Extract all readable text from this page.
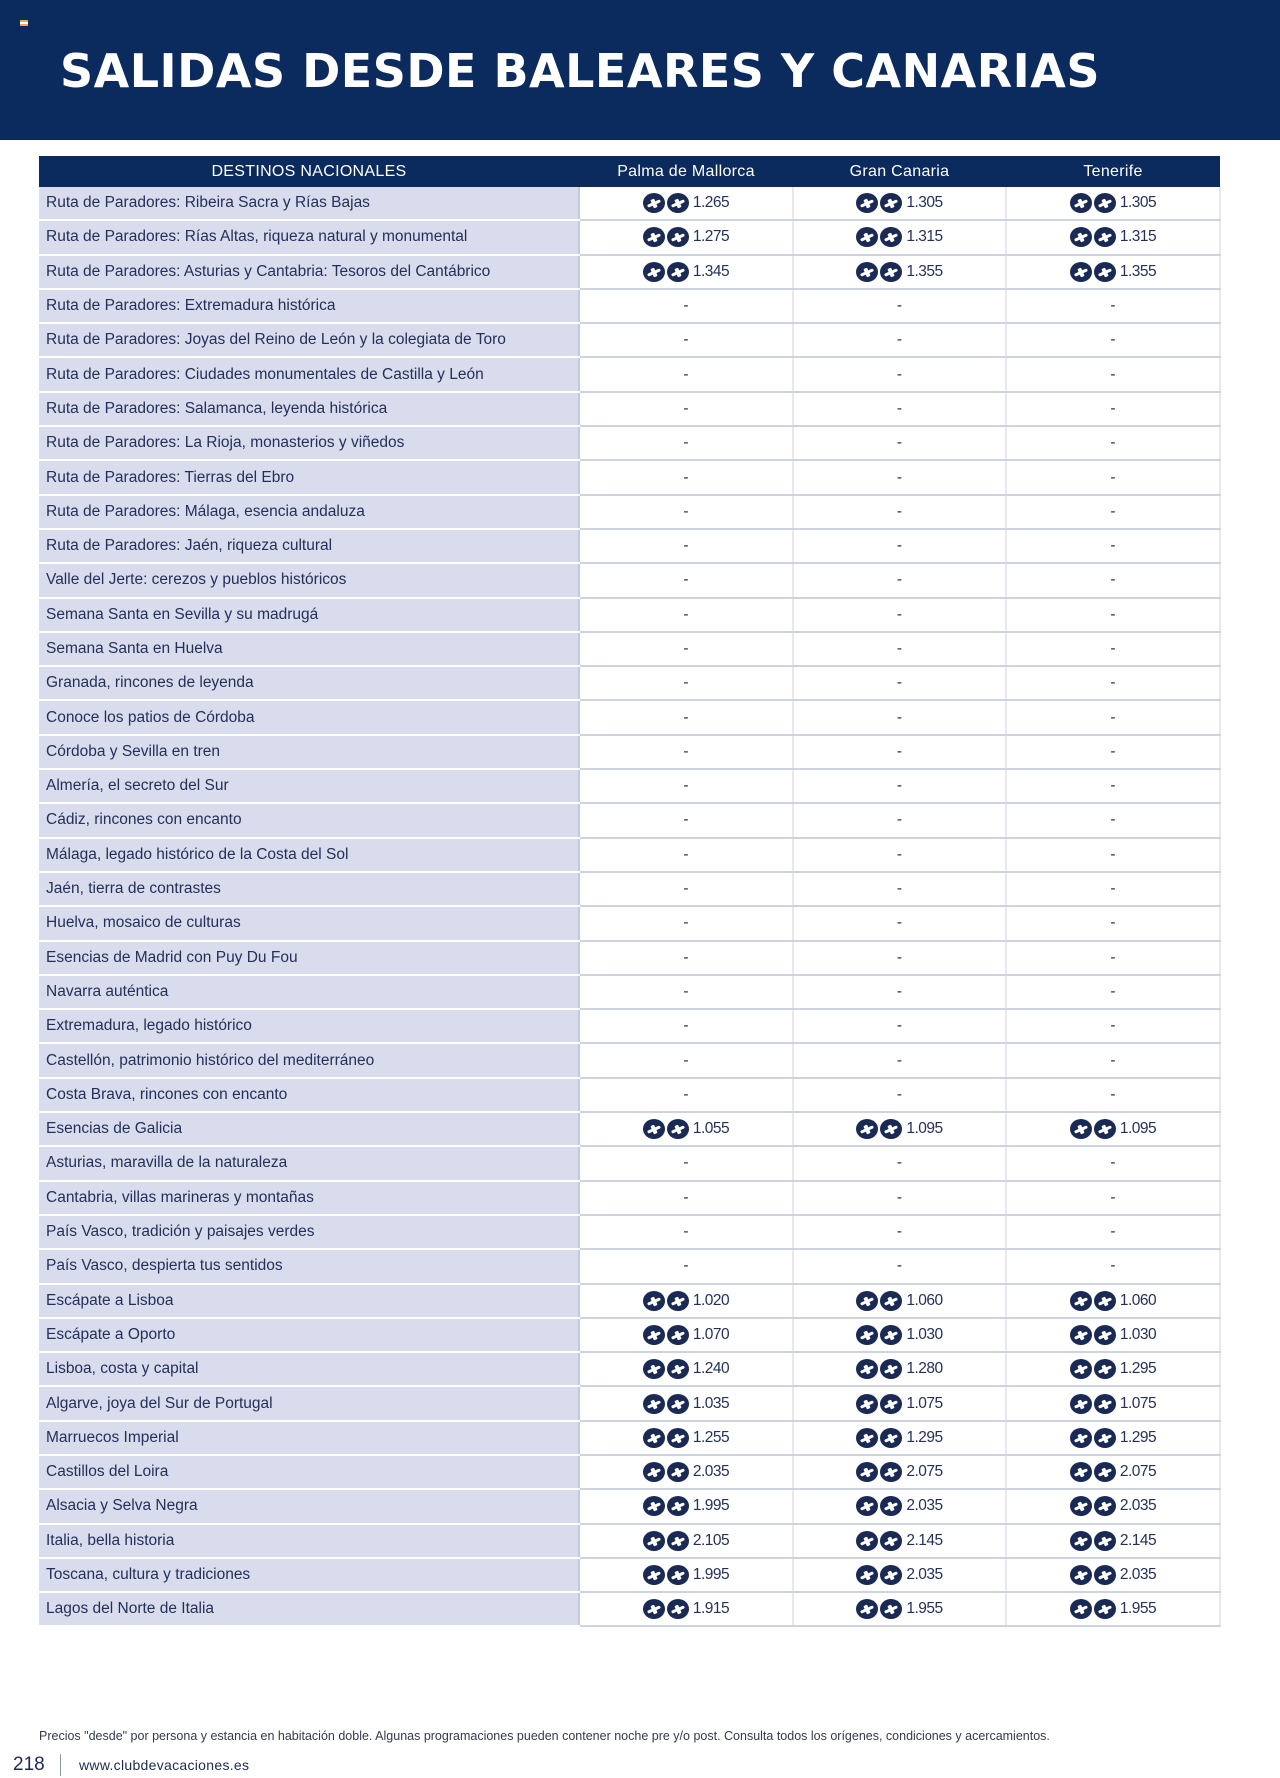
SALIDAS DESDE BALEARES Y CANARIAS
DESTINOS NACIONALES	Palma de Mallorca	Gran Canaria	Tenerife
Ruta de Paradores: Ribeira Sacra y Rías Bajas	1.265	1.305	1.305

Ruta de Paradores: Rías Altas, riqueza natural y monumental	1.275	1.315	1.315

Ruta de Paradores: Asturias y Cantabria: Tesoros del Cantábrico	1.345	1.355	1.355

Ruta de Paradores: Extremadura histórica	-	-	-
Ruta de Paradores: Joyas del Reino de León y la colegiata de Toro	-	-	-
Ruta de Paradores: Ciudades monumentales de Castilla y León	-	-	-
Ruta de Paradores: Salamanca, leyenda histórica	-	-	-
Ruta de Paradores: La Rioja, monasterios y viñedos	-	-	-
Ruta de Paradores: Tierras del Ebro	-	-	-
Ruta de Paradores: Málaga, esencia andaluza	-	-	-
Ruta de Paradores: Jaén, riqueza cultural	-	-	-
Valle del Jerte: cerezos y pueblos históricos	-	-	-
Semana Santa en Sevilla y su madrugá	-	-	-
Semana Santa en Huelva	-	-	-
Granada, rincones de leyenda	-	-	-
Conoce los patios de Córdoba	-	-	-
Córdoba y Sevilla en tren	-	-	-
Almería, el secreto del Sur	-	-	-
Cádiz, rincones con encanto	-	-	-
Málaga, legado histórico de la Costa del Sol	-	-	-
Jaén, tierra de contrastes	-	-	-
Huelva, mosaico de culturas	-	-	-
Esencias de Madrid con Puy Du Fou	-	-	-
Navarra auténtica	-	-	-
Extremadura, legado histórico	-	-	-
Castellón, patrimonio histórico del mediterráneo	-	-	-
Costa Brava, rincones con encanto	-	-	-
Esencias de Galicia	1.055	1.095	1.095

Asturias, maravilla de la naturaleza	-	-	-
Cantabria, villas marineras y montañas	-	-	-
País Vasco, tradición y paisajes verdes	-	-	-
País Vasco, despierta tus sentidos	-	-	-
Escápate a Lisboa	1.020	1.060	1.060

Escápate a Oporto	1.070	1.030	1.030

Lisboa, costa y capital	1.240	1.280	1.295

Algarve, joya del Sur de Portugal	1.035	1.075	1.075

Marruecos Imperial	1.255	1.295	1.295

Castillos del Loira	2.035	2.075	2.075

Alsacia y Selva Negra	1.995	2.035	2.035

Italia, bella historia	2.105	2.145	2.145

Toscana, cultura y tradiciones	1.995	2.035	2.035

Lagos del Norte de Italia	1.915	1.955	1.955
Precios "desde" por persona y estancia en habitación doble. Algunas programaciones pueden contener noche pre y/o post. Consulta todos los orígenes, condiciones y acercamientos.
218 www.clubdevacaciones.es
